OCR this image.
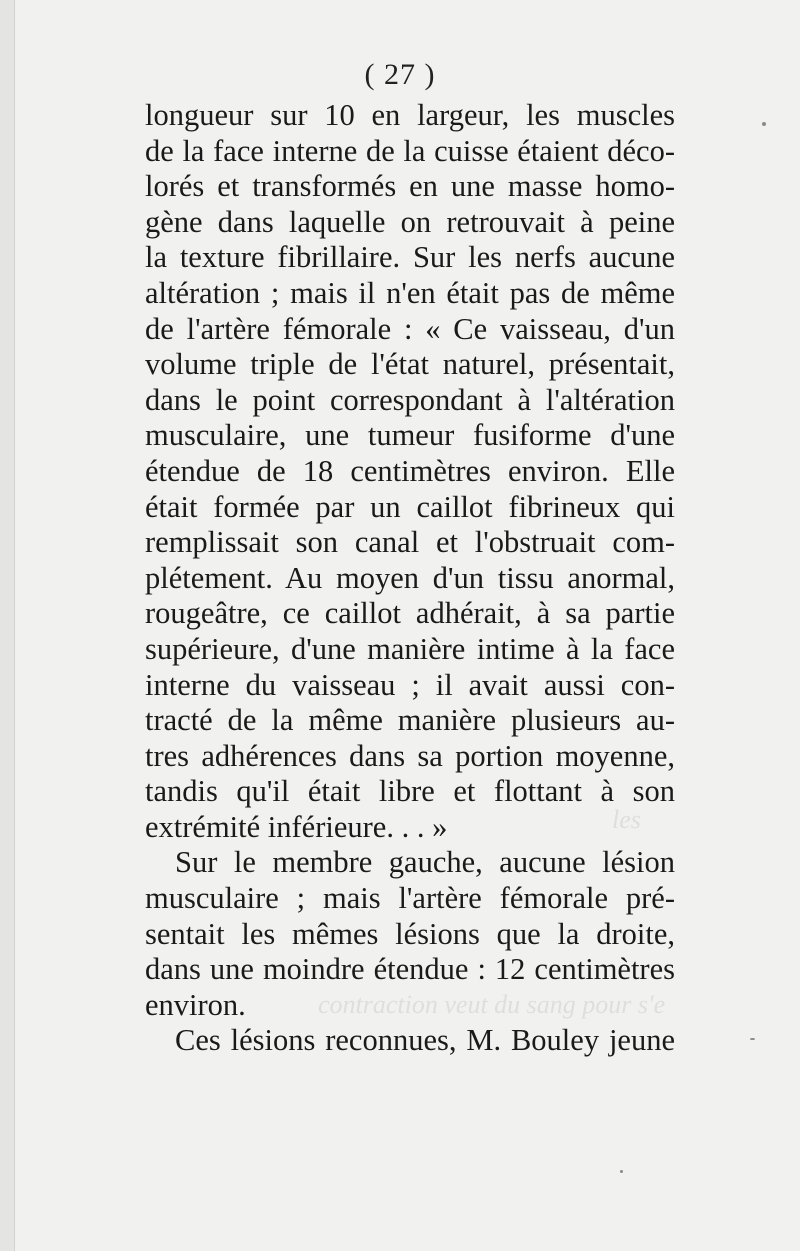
les
contraction veut du sang pour s'e
( 27 )
longueur sur 10 en largeur, les muscles
de la face interne de la cuisse étaient déco-
lorés et transformés en une masse homo-
gène dans laquelle on retrouvait à peine
la texture fibrillaire. Sur les nerfs aucune
altération ; mais il n'en était pas de même
de l'artère fémorale : « Ce vaisseau, d'un
volume triple de l'état naturel, présentait,
dans le point correspondant à l'altération
musculaire, une tumeur fusiforme d'une
étendue de 18 centimètres environ. Elle
était formée par un caillot fibrineux qui
remplissait son canal et l'obstruait com-
plétement. Au moyen d'un tissu anormal,
rougeâtre, ce caillot adhérait, à sa partie
supérieure, d'une manière intime à la face
interne du vaisseau ; il avait aussi con-
tracté de la même manière plusieurs au-
tres adhérences dans sa portion moyenne,
tandis qu'il était libre et flottant à son
extrémité inférieure. . . »
Sur le membre gauche, aucune lésion
musculaire ; mais l'artère fémorale pré-
sentait les mêmes lésions que la droite,
dans une moindre étendue : 12 centimètres
environ.
Ces lésions reconnues, M. Bouley jeune
